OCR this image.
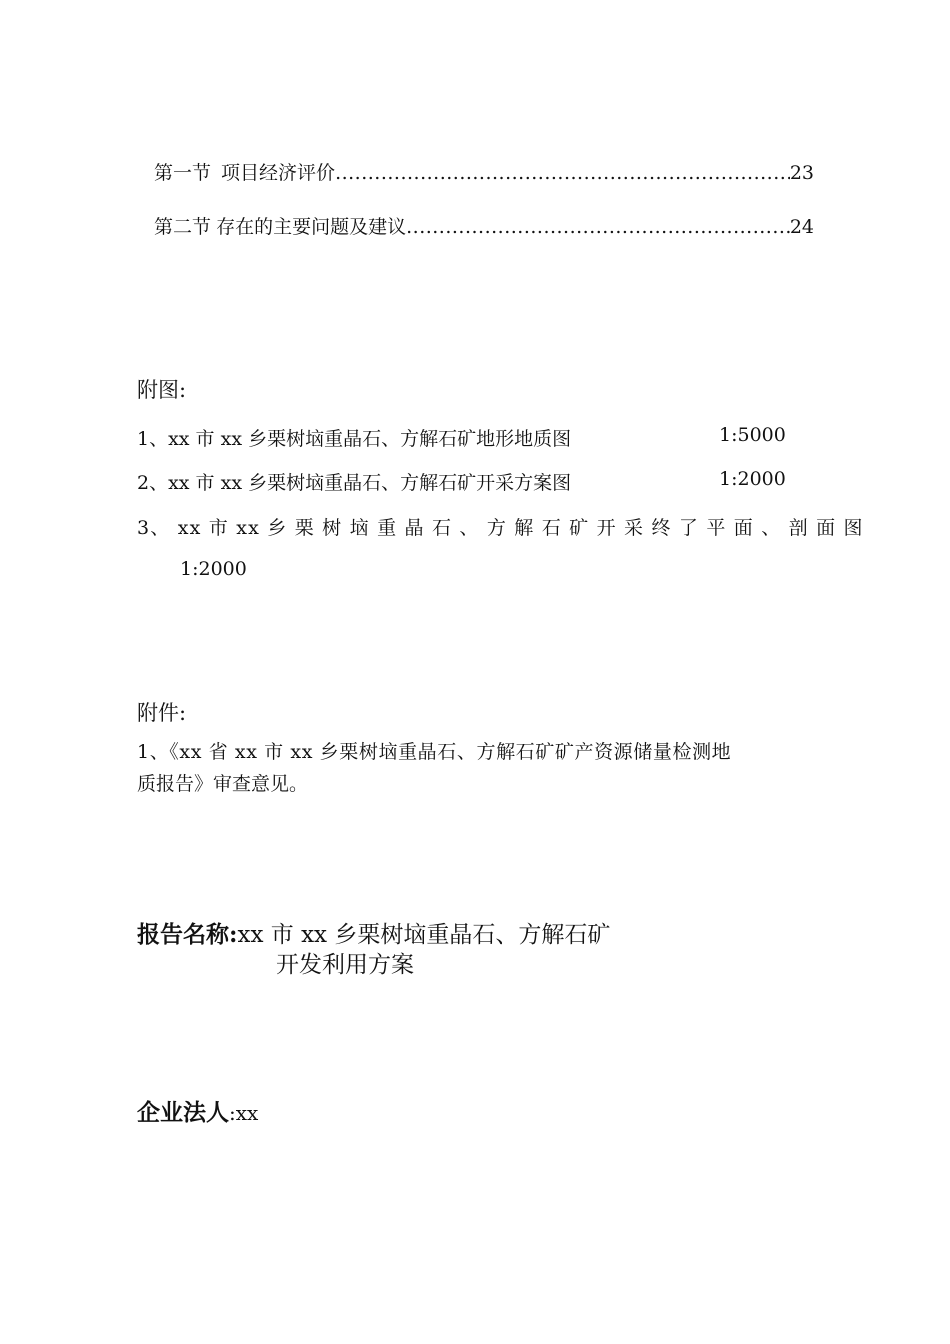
第一节 项目经济评价 .....	23
第二节 存在的主要问题及建议 .....	24
附图:
1、xx 市 xx 乡栗树垴重晶石、方解石矿地形地质图	1:5000
2、xx 市 xx 乡栗树垴重晶石、方解石矿开采方案图	1:2000
3、 xx 市 xx 乡 栗 树 垴 重 晶 石 、 方 解 石 矿 开 采 终 了 平 面 、 剖 面 图
1:2000
附件:
1、《xx 省 xx 市 xx 乡栗树垴重晶石、方解石矿矿产资源储量检测地
质报告》审查意见。
报告名称:xx 市 xx 乡栗树垴重晶石、方解石矿
开发利用方案
企业法人:xx
